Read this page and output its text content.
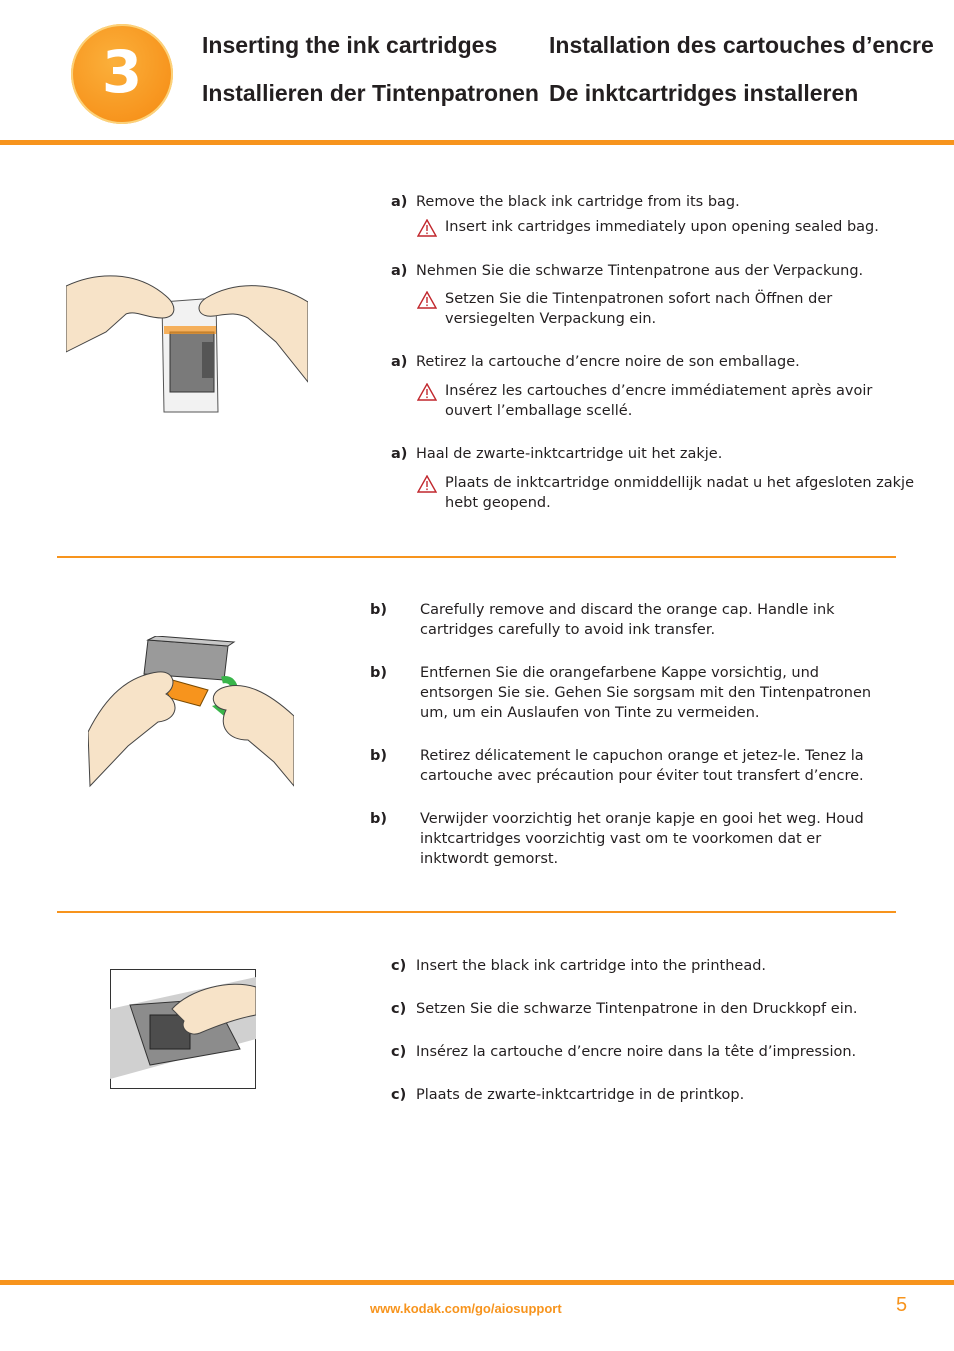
3	Inserting the ink cartridges Installation des cartouches d’encre
Installieren der Tintenpatronen De inktcartridges installeren
a) Remove the black ink cartridge from its bag.
Insert ink cartridges immediately upon opening sealed bag.
a) Nehmen Sie die schwarze Tintenpatrone aus der Verpackung.
Setzen Sie die Tintenpatronen sofort nach Öffnen der versiegelten Verpackung ein.
a) Retirez la cartouche d’encre noire de son emballage.
Insérez les cartouches d’encre immédiatement après avoir ouvert l’emballage scellé.
a) Haal de zwarte-inktcartridge uit het zakje.
Plaats de inktcartridge onmiddellijk nadat u het afgesloten zakje hebt geopend.
b) Carefully remove and discard the orange cap. Handle ink cartridges carefully to avoid ink transfer.
b) Entfernen Sie die orangefarbene Kappe vorsichtig, und entsorgen Sie sie. Gehen Sie sorgsam mit den Tintenpatronen um, um ein Auslaufen von Tinte zu vermeiden.
b) Retirez délicatement le capuchon orange et jetez-le. Tenez la cartouche avec précaution pour éviter tout transfert d’encre.
b) Verwijder voorzichtig het oranje kapje en gooi het weg. Houd inktcartridges voorzichtig vast om te voorkomen dat er inktwordt gemorst.
c) Insert the black ink cartridge into the printhead.
c) Setzen Sie die schwarze Tintenpatrone in den Druckkopf ein.
c) Insérez la cartouche d’encre noire dans la tête d’impression.
c) Plaats de zwarte-inktcartridge in de printkop.
www.kodak.com/go/aiosupport	5
